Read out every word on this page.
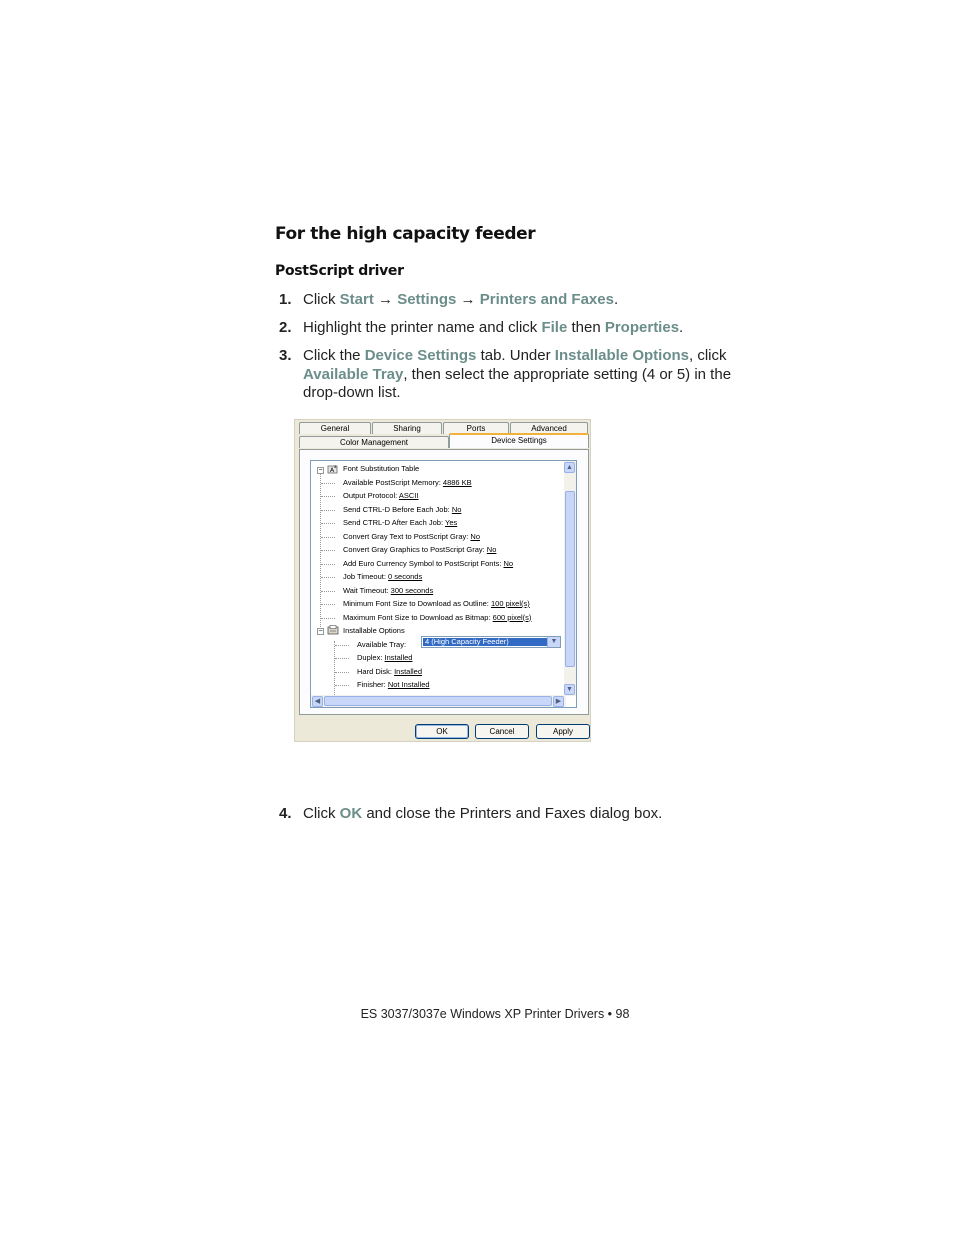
For the high capacity feeder
PostScript driver
1. Click Start → Settings → Printers and Faxes.
2. Highlight the printer name and click File then Properties.
3. Click the Device Settings tab. Under Installable Options, click Available Tray, then select the appropriate setting (4 or 5) in the drop-down list.
General	Sharing	Ports	Advanced
Color Management	Device Settings
− A
a Font Substitution Table
Available PostScript Memory: 4886 KB
Output Protocol: ASCII
Send CTRL-D Before Each Job: No
Send CTRL-D After Each Job: Yes
Convert Gray Text to PostScript Gray: No
Convert Gray Graphics to PostScript Gray: No
Add Euro Currency Symbol to PostScript Fonts: No
Job Timeout: 0 seconds
Wait Timeout: 300 seconds
Minimum Font Size to Download as Outline: 100 pixel(s)
Maximum Font Size to Download as Bitmap: 600 pixel(s)
−	Installable Options
Available Tray:	4 (High Capacity Feeder)	▼
Duplex: Installed
Hard Disk: Installed
Finisher: Not Installed
▲
▼
◀	▶
OK	Cancel	Apply
4. Click OK and close the Printers and Faxes dialog box.
ES 3037/3037e Windows XP Printer Drivers • 98
